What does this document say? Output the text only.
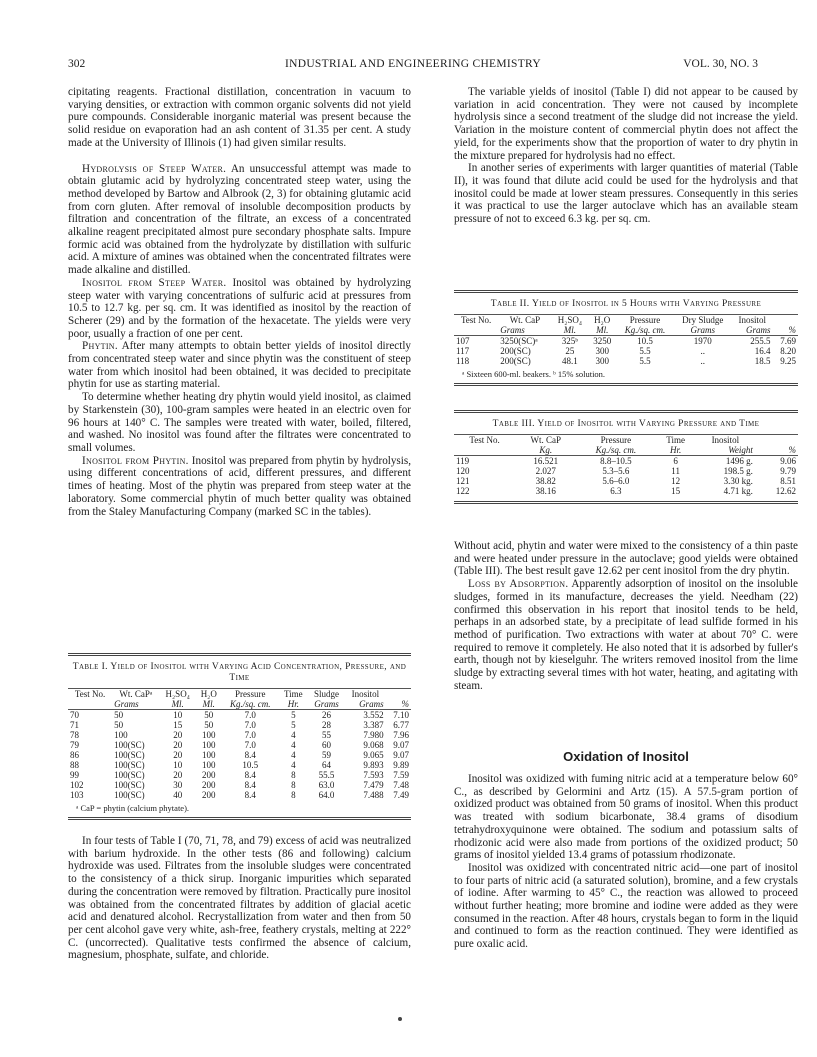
302	INDUSTRIAL AND ENGINEERING CHEMISTRY	VOL. 30, NO. 3

cipitating reagents. Fractional distillation, concentration in vacuum to varying densities, or extraction with common organic solvents did not yield pure compounds. Considerable inorganic material was present because the solid residue on evaporation had an ash content of 31.35 per cent. A study made at the University of Illinois (1) had given similar results.

Hydrolysis of Steep Water. An unsuccessful attempt was made to obtain glutamic acid by hydrolyzing concentrated steep water, using the method developed by Bartow and Albrook (2, 3) for obtaining glutamic acid from corn gluten. After removal of insoluble decomposition products by filtration and concentration of the filtrate, an excess of a concentrated alkaline reagent precipitated almost pure secondary phosphate salts. Impure formic acid was obtained from the hydrolyzate by distillation with sulfuric acid. A mixture of amines was obtained when the concentrated filtrates were made alkaline and distilled.

Inositol from Steep Water. Inositol was obtained by hydrolyzing steep water with varying concentrations of sulfuric acid at pressures from 10.5 to 12.7 kg. per sq. cm. It was identified as inositol by the reaction of Scherer (29) and by the formation of the hexacetate. The yields were very poor, usually a fraction of one per cent.

Phytin. After many attempts to obtain better yields of inositol directly from concentrated steep water and since phytin was the constituent of steep water from which inositol had been obtained, it was decided to precipitate phytin for use as starting material.

To determine whether heating dry phytin would yield inositol, as claimed by Starkenstein (30), 100-gram samples were heated in an electric oven for 96 hours at 140° C. The samples were treated with water, boiled, filtered, and washed. No inositol was found after the filtrates were concentrated to small volumes.

Inositol from Phytin. Inositol was prepared from phytin by hydrolysis, using different concentrations of acid, different pressures, and different times of heating. Most of the phytin was prepared from steep water at the laboratory. Some commercial phytin of much better quality was obtained from the Staley Manufacturing Company (marked SC in the tables).

Table I. Yield of Inositol with Varying Acid Concentration, Pressure, and Time
Test No.	Wt. CaPᵃ	H₂SO₄	H₂O	Pressure	Time	Sludge	Inositol	
	Grams	Ml.	Ml.	Kg./sq. cm.	Hr.	Grams	Grams	%
70	50	10	50	7.0	5	26	3.552	7.10
71	50	15	50	7.0	5	28	3.387	6.77
78	100	20	100	7.0	4	55	7.980	7.96
79	100(SC)	20	100	7.0	4	60	9.068	9.07
86	100(SC)	20	100	8.4	4	59	9.065	9.07
88	100(SC)	10	100	10.5	4	64	9.893	9.89
99	100(SC)	20	200	8.4	8	55.5	7.593	7.59
102	100(SC)	30	200	8.4	8	63.0	7.479	7.48
103	100(SC)	40	200	8.4	8	64.0	7.488	7.49
ᵃ CaP = phytin (calcium phytate).

In four tests of Table I (70, 71, 78, and 79) excess of acid was neutralized with barium hydroxide. In the other tests (86 and following) calcium hydroxide was used. Filtrates from the insoluble sludges were concentrated to the consistency of a thick sirup. Inorganic impurities which separated during the concentration were removed by filtration. Practically pure inositol was obtained from the concentrated filtrates by addition of glacial acetic acid and denatured alcohol. Recrystallization from water and then from 50 per cent alcohol gave very white, ash-free, feathery crystals, melting at 222° C. (uncorrected). Qualitative tests confirmed the absence of calcium, magnesium, phosphate, sulfate, and chloride.

The variable yields of inositol (Table I) did not appear to be caused by variation in acid concentration. They were not caused by incomplete hydrolysis since a second treatment of the sludge did not increase the yield. Variation in the moisture content of commercial phytin does not affect the yield, for the experiments show that the proportion of water to dry phytin in the mixture prepared for hydrolysis had no effect.

In another series of experiments with larger quantities of material (Table II), it was found that dilute acid could be used for the hydrolysis and that inositol could be made at lower steam pressures. Consequently in this series it was practical to use the larger autoclave which has an available steam pressure of not to exceed 6.3 kg. per sq. cm.

Table II. Yield of Inositol in 5 Hours with Varying Pressure
Test No.	Wt. CaP	H₂SO₄	H₂O	Pressure	Dry Sludge	Inositol	
	Grams	Ml.	Ml.	Kg./sq. cm.	Grams	Grams	%
107	3250(SC)ᵃ	325ᵇ	3250	10.5	1970	255.5	7.69
117	200(SC)	25	300	5.5	..	16.4	8.20
118	200(SC)	48.1	300	5.5	..	18.5	9.25
ᵃ Sixteen 600-ml. beakers. ᵇ 15% solution.
Table III. Yield of Inositol with Varying Pressure and Time
Test No.	Wt. CaP	Pressure	Time	Inositol	
	Kg.	Kg./sq. cm.	Hr.	Weight	%
119	16.521	8.8–10.5	6	1496 g.	9.06
120	2.027	5.3–5.6	11	198.5 g.	9.79
121	38.82	5.6–6.0	12	3.30 kg.	8.51
122	38.16	6.3	15	4.71 kg.	12.62

Without acid, phytin and water were mixed to the consistency of a thin paste and were heated under pressure in the autoclave; good yields were obtained (Table III). The best result gave 12.62 per cent inositol from the dry phytin.

Loss by Adsorption. Apparently adsorption of inositol on the insoluble sludges, formed in its manufacture, decreases the yield. Needham (22) confirmed this observation in his report that inositol tends to be held, perhaps in an adsorbed state, by a precipitate of lead sulfide formed in his method of purification. Two extractions with water at about 70° C. were required to remove it completely. He also noted that it is adsorbed by fuller's earth, though not by kieselguhr. The writers removed inositol from the lime sludge by extracting several times with hot water, heating, and agitating with steam.

Oxidation of Inositol

Inositol was oxidized with fuming nitric acid at a temperature below 60° C., as described by Gelormini and Artz (15). A 57.5-gram portion of oxidized product was obtained from 50 grams of inositol. When this product was treated with sodium bicarbonate, 38.4 grams of disodium tetrahydroxyquinone were obtained. The sodium and potassium salts of rhodizonic acid were also made from portions of the oxidized product; 50 grams of inositol yielded 13.4 grams of potassium rhodizonate.

Inositol was oxidized with concentrated nitric acid—one part of inositol to four parts of nitric acid (a saturated solution), bromine, and a few crystals of iodine. After warming to 45° C., the reaction was allowed to proceed without further heating; more bromine and iodine were added as they were consumed in the reaction. After 48 hours, crystals began to form in the liquid and continued to form as the reaction continued. They were identified as pure oxalic acid.
